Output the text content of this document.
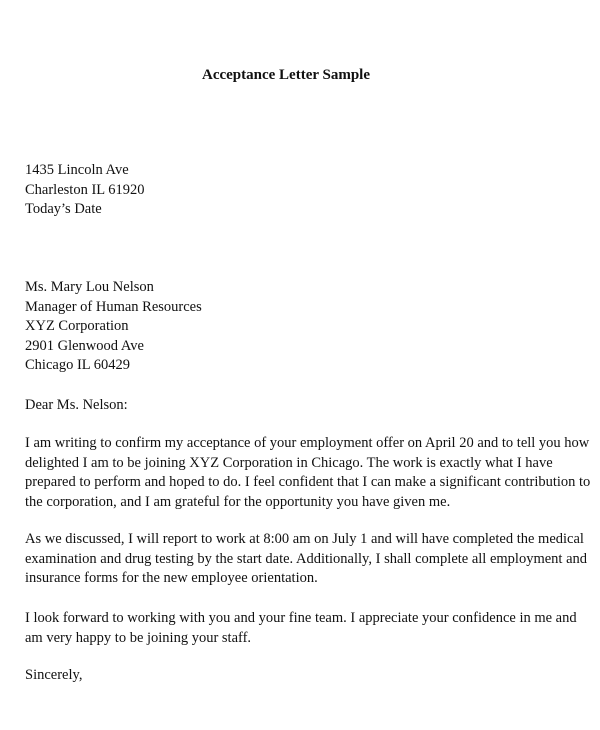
Acceptance Letter Sample
1435 Lincoln Ave
Charleston IL 61920
Today’s Date
Ms. Mary Lou Nelson
Manager of Human Resources
XYZ Corporation
2901 Glenwood Ave
Chicago IL 60429
Dear Ms. Nelson:
I am writing to confirm my acceptance of your employment offer on April 20 and to tell you how
delighted I am to be joining XYZ Corporation in Chicago. The work is exactly what I have
prepared to perform and hoped to do. I feel confident that I can make a significant contribution to
the corporation, and I am grateful for the opportunity you have given me.
As we discussed, I will report to work at 8:00 am on July 1 and will have completed the medical
examination and drug testing by the start date. Additionally, I shall complete all employment and
insurance forms for the new employee orientation.
I look forward to working with you and your fine team. I appreciate your confidence in me and
am very happy to be joining your staff.
Sincerely,
